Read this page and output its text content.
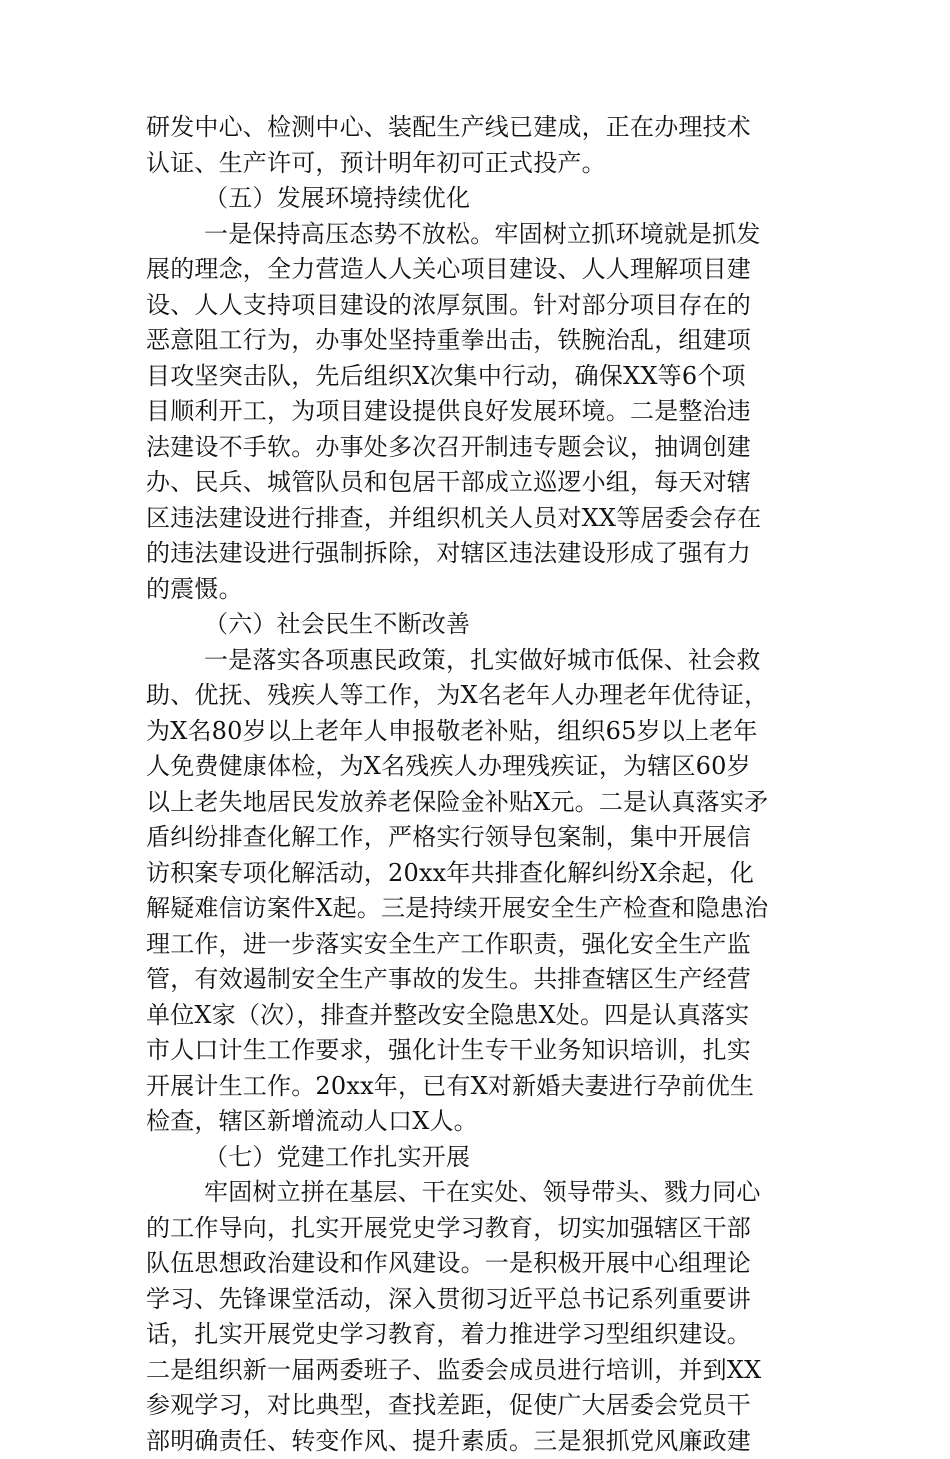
研发中心、检测中心、装配生产线已建成，正在办理技术
认证、生产许可，预计明年初可正式投产。
（五）发展环境持续优化
一是保持高压态势不放松。牢固树立抓环境就是抓发
展的理念，全力营造人人关心项目建设、人人理解项目建
设、人人支持项目建设的浓厚氛围。针对部分项目存在的
恶意阻工行为，办事处坚持重拳出击，铁腕治乱，组建项
目攻坚突击队，先后组织X次集中行动，确保XX等6个项
目顺利开工，为项目建设提供良好发展环境。二是整治违
法建设不手软。办事处多次召开制违专题会议，抽调创建
办、民兵、城管队员和包居干部成立巡逻小组，每天对辖
区违法建设进行排查，并组织机关人员对XX等居委会存在
的违法建设进行强制拆除，对辖区违法建设形成了强有力
的震慑。
（六）社会民生不断改善
一是落实各项惠民政策，扎实做好城市低保、社会救
助、优抚、残疾人等工作，为X名老年人办理老年优待证，
为X名80岁以上老年人申报敬老补贴，组织65岁以上老年
人免费健康体检，为X名残疾人办理残疾证，为辖区60岁
以上老失地居民发放养老保险金补贴X元。二是认真落实矛
盾纠纷排查化解工作，严格实行领导包案制，集中开展信
访积案专项化解活动，20xx年共排查化解纠纷X余起，化
解疑难信访案件X起。三是持续开展安全生产检查和隐患治
理工作，进一步落实安全生产工作职责，强化安全生产监
管，有效遏制安全生产事故的发生。共排查辖区生产经营
单位X家（次），排查并整改安全隐患X处。四是认真落实
市人口计生工作要求，强化计生专干业务知识培训，扎实
开展计生工作。20xx年，已有X对新婚夫妻进行孕前优生
检查，辖区新增流动人口X人。
（七）党建工作扎实开展
牢固树立拼在基层、干在实处、领导带头、戮力同心
的工作导向，扎实开展党史学习教育，切实加强辖区干部
队伍思想政治建设和作风建设。一是积极开展中心组理论
学习、先锋课堂活动，深入贯彻习近平总书记系列重要讲
话，扎实开展党史学习教育，着力推进学习型组织建设。
二是组织新一届两委班子、监委会成员进行培训，并到XX
参观学习，对比典型，查找差距，促使广大居委会党员干
部明确责任、转变作风、提升素质。三是狠抓党风廉政建
